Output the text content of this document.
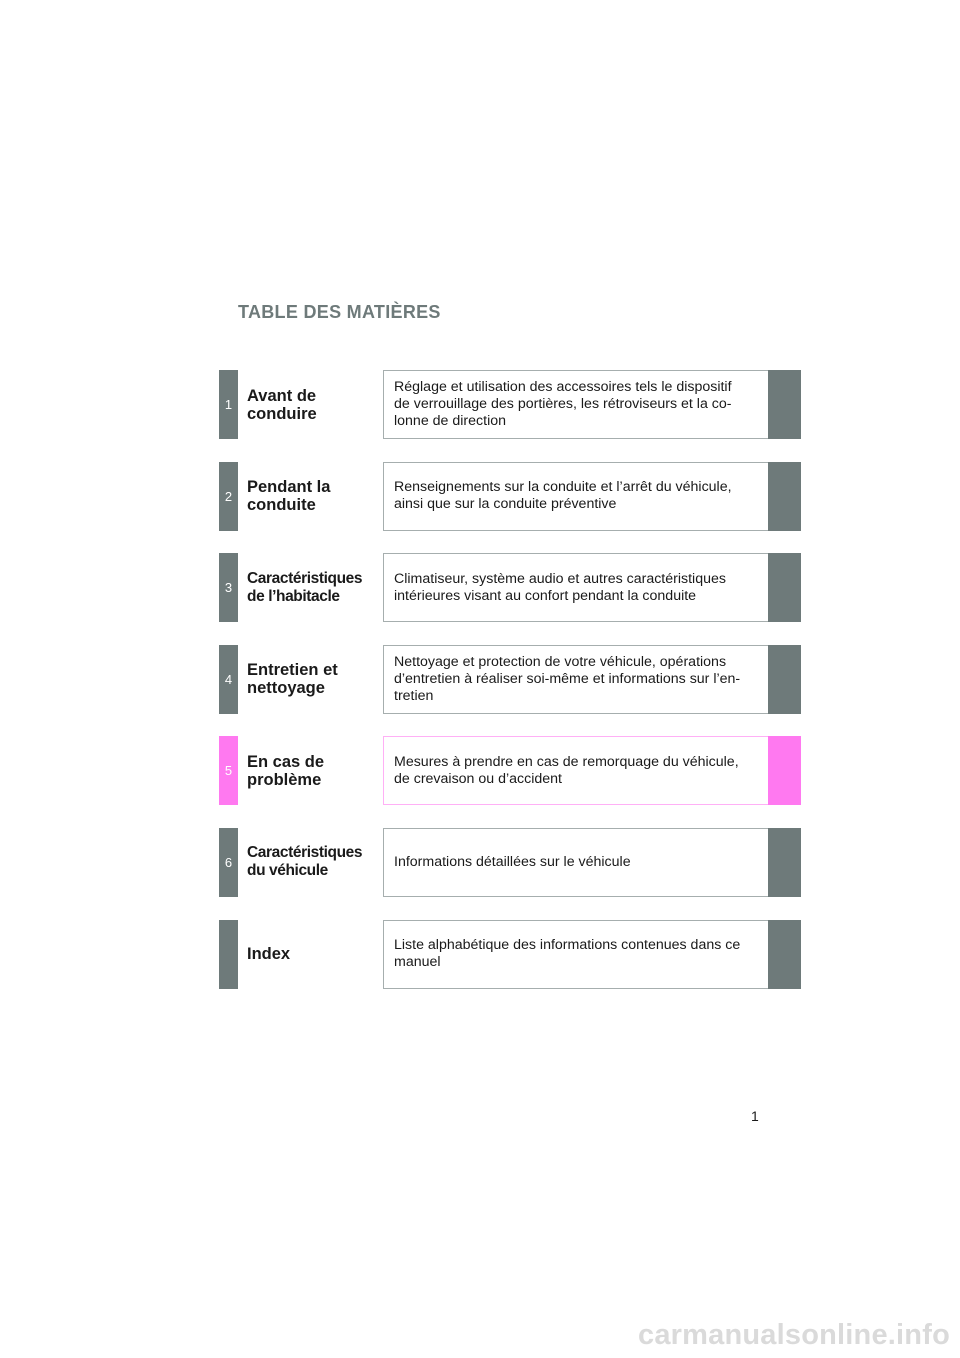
TABLE DES MATIÈRES
1 Avant de
conduire
Réglage et utilisation des accessoires tels le dispositif
de verrouillage des portières, les rétroviseurs et la co-
lonne de direction
2 Pendant la
conduite
Renseignements sur la conduite et l’arrêt du véhicule,
ainsi que sur la conduite préventive
3
Caractéristiques
de l’habitacle
Climatiseur, système audio et autres caractéristiques
intérieures visant au confort pendant la conduite
4 Entretien et
nettoyage
Nettoyage et protection de votre véhicule, opérations
d’entretien à réaliser soi-même et informations sur l’en-
tretien
5 En cas de
problème
Mesures à prendre en cas de remorquage du véhicule,
de crevaison ou d’accident
6
Caractéristiques
du véhicule
Informations détaillées sur le véhicule
Index	Liste alphabétique des informations contenues dans ce
manuel
1
carmanualsonline.info
